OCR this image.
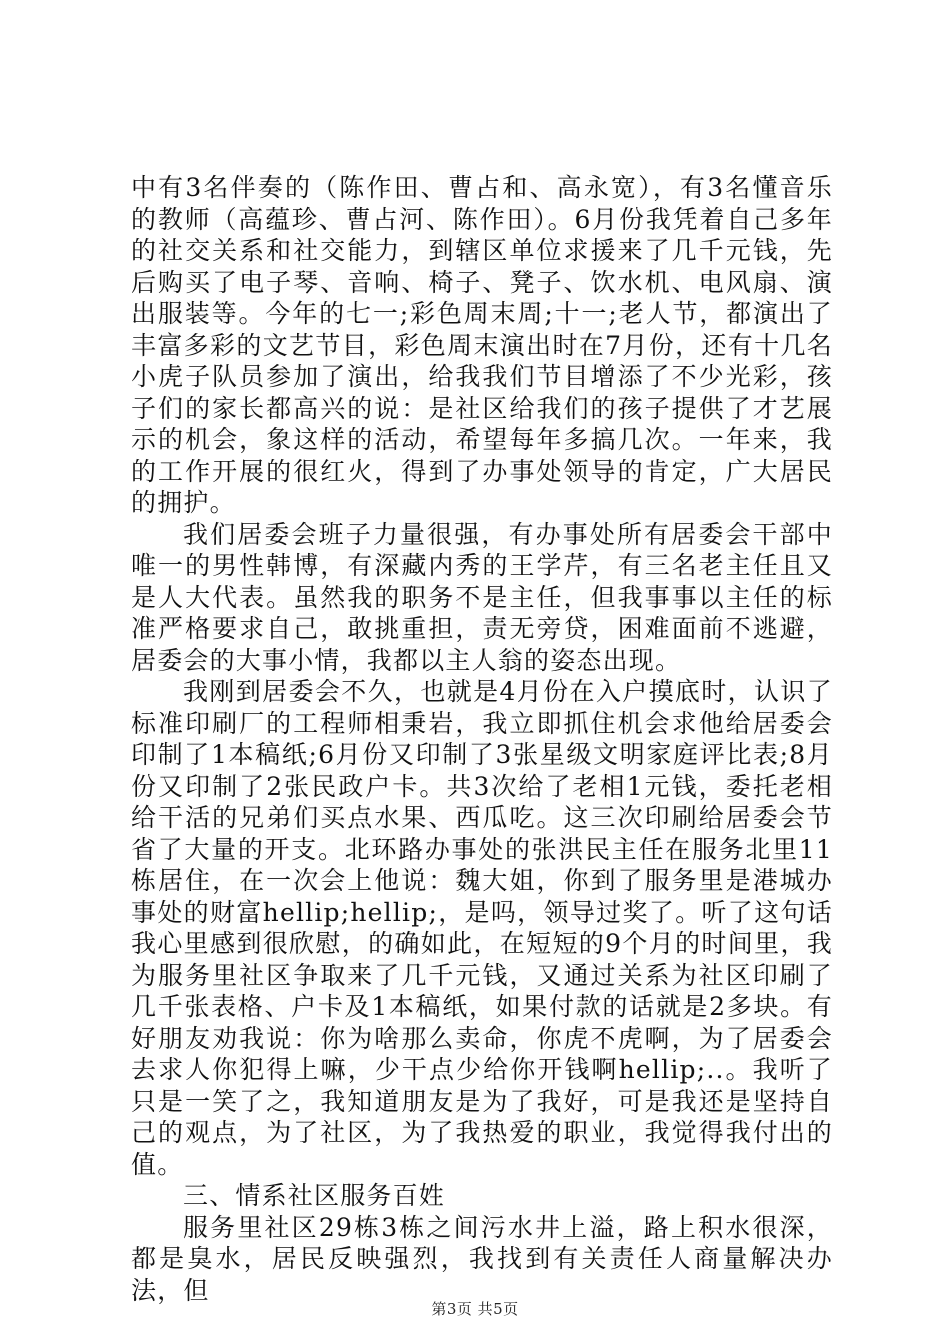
中有3名伴奏的（陈作田、曹占和、高永宽），有3名懂音乐的教师（高蕴珍、曹占河、陈作田）。6月份我凭着自己多年的社交关系和社交能力，到辖区单位求援来了几千元钱，先后购买了电子琴、音响、椅子、凳子、饮水机、电风扇、演出服装等。今年的七一;彩色周末周;十一;老人节，都演出了丰富多彩的文艺节目，彩色周末演出时在7月份，还有十几名小虎子队员参加了演出，给我我们节目增添了不少光彩，孩子们的家长都高兴的说：是社区给我们的孩子提供了才艺展示的机会，象这样的活动，希望每年多搞几次。一年来，我的工作开展的很红火，得到了办事处领导的肯定，广大居民的拥护。

我们居委会班子力量很强，有办事处所有居委会干部中唯一的男性韩博，有深藏内秀的王学芹，有三名老主任且又是人大代表。虽然我的职务不是主任，但我事事以主任的标准严格要求自己，敢挑重担，责无旁贷，困难面前不逃避，居委会的大事小情，我都以主人翁的姿态出现。

我刚到居委会不久，也就是4月份在入户摸底时，认识了标准印刷厂的工程师相秉岩，我立即抓住机会求他给居委会印制了1本稿纸;6月份又印制了3张星级文明家庭评比表;8月份又印制了2张民政户卡。共3次给了老相1元钱，委托老相给干活的兄弟们买点水果、西瓜吃。这三次印刷给居委会节省了大量的开支。北环路办事处的张洪民主任在服务北里11栋居住，在一次会上他说：魏大姐，你到了服务里是港城办事处的财富hellip;hellip;，是吗，领导过奖了。听了这句话我心里感到很欣慰，的确如此，在短短的9个月的时间里，我为服务里社区争取来了几千元钱，又通过关系为社区印刷了几千张表格、户卡及1本稿纸，如果付款的话就是2多块。有好朋友劝我说：你为啥那么卖命，你虎不虎啊，为了居委会去求人你犯得上嘛，少干点少给你开钱啊hellip;..。我听了只是一笑了之，我知道朋友是为了我好，可是我还是坚持自己的观点，为了社区，为了我热爱的职业，我觉得我付出的值。

三、情系社区服务百姓

服务里社区29栋3栋之间污水井上溢，路上积水很深，都是臭水，居民反映强烈，我找到有关责任人商量解决办法，但

第3页 共5页
